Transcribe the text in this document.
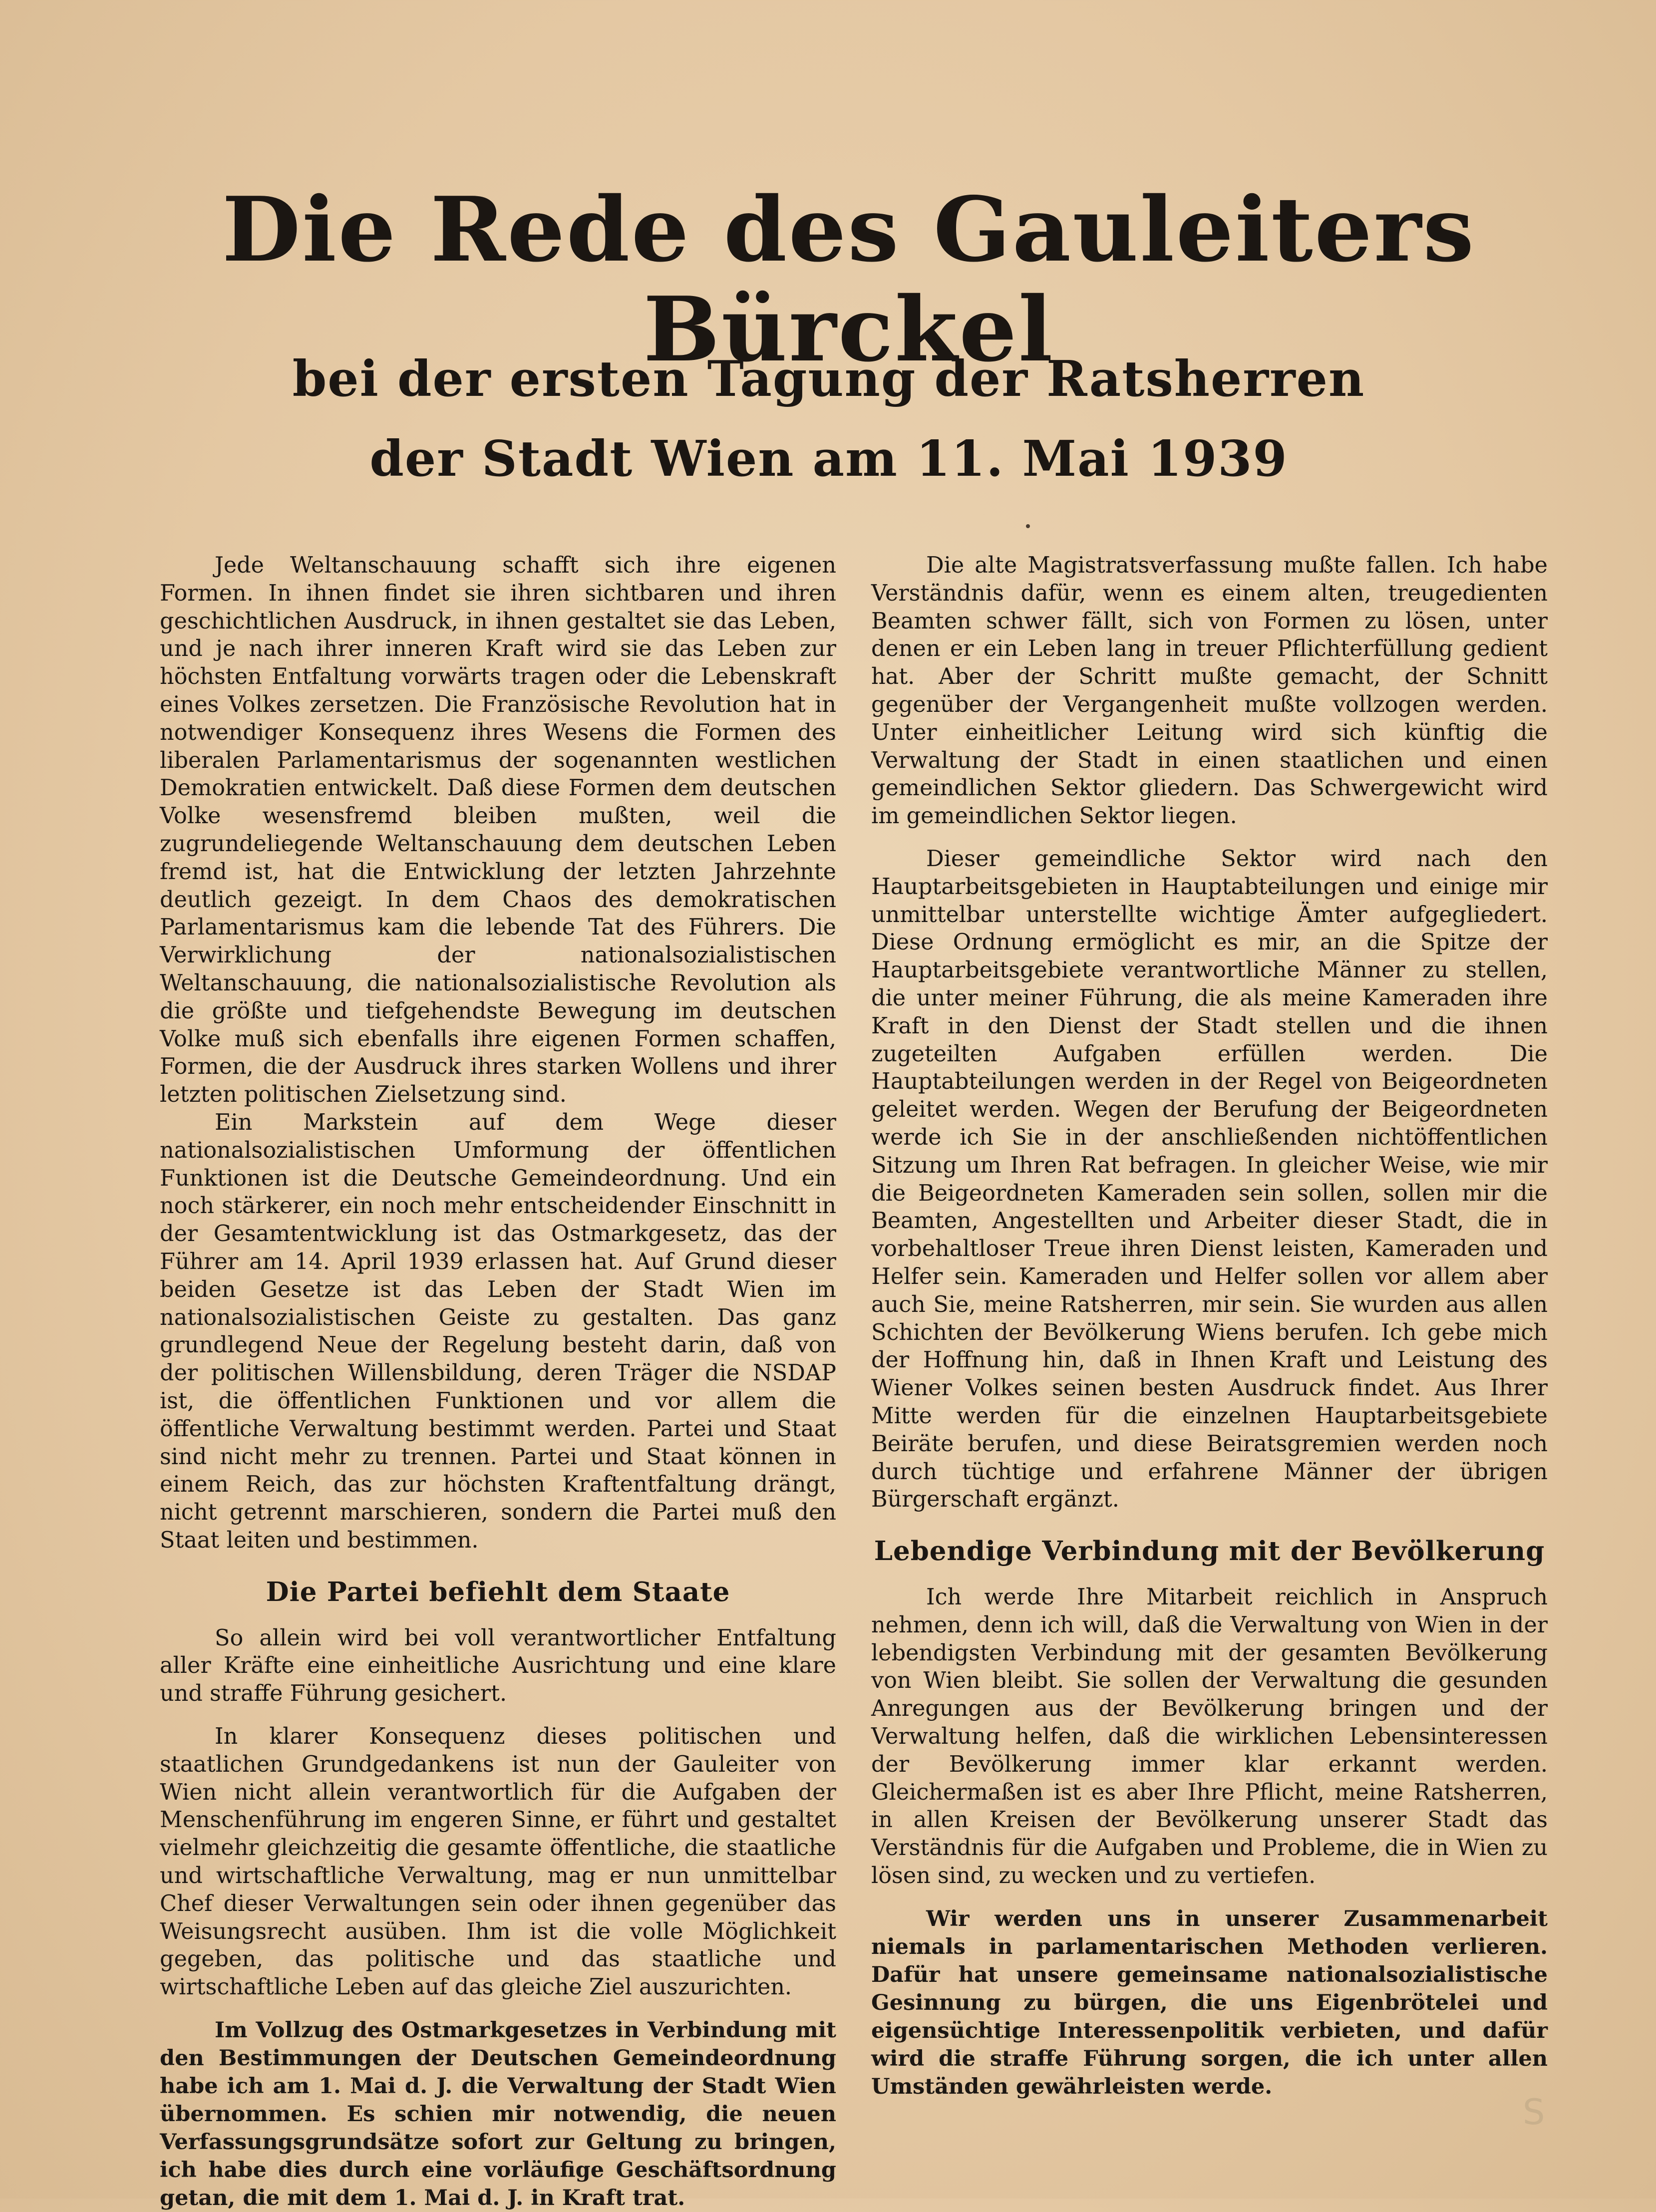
Die Rede des Gauleiters Bürckel
bei der ersten Tagung der Ratsherren
der Stadt Wien am 11. Mai 1939

Jede Weltanschauung schafft sich ihre eigenen Formen. In ihnen findet sie ihren sichtbaren und ihren geschichtlichen Ausdruck, in ihnen gestaltet sie das Leben, und je nach ihrer inneren Kraft wird sie das Leben zur höchsten Entfaltung vorwärts tragen oder die Lebenskraft eines Volkes zersetzen. Die Französische Revolution hat in notwendiger Konsequenz ihres Wesens die Formen des liberalen Parlamentarismus der sogenannten westlichen Demokratien entwickelt. Daß diese Formen dem deutschen Volke wesensfremd bleiben mußten, weil die zugrundeliegende Weltanschauung dem deutschen Leben fremd ist, hat die Entwicklung der letzten Jahrzehnte deutlich gezeigt. In dem Chaos des demokratischen Parlamentarismus kam die lebende Tat des Führers. Die Verwirklichung der nationalsozialistischen Weltanschauung, die nationalsozialistische Revolution als die größte und tiefgehendste Bewegung im deutschen Volke muß sich ebenfalls ihre eigenen Formen schaffen, Formen, die der Ausdruck ihres starken Wollens und ihrer letzten politischen Zielsetzung sind.

Ein Markstein auf dem Wege dieser nationalsozialistischen Umformung der öffentlichen Funktionen ist die Deutsche Gemeindeordnung. Und ein noch stärkerer, ein noch mehr entscheidender Einschnitt in der Gesamtentwicklung ist das Ostmarkgesetz, das der Führer am 14. April 1939 erlassen hat. Auf Grund dieser beiden Gesetze ist das Leben der Stadt Wien im nationalsozialistischen Geiste zu gestalten. Das ganz grundlegend Neue der Regelung besteht darin, daß von der politischen Willensbildung, deren Träger die NSDAP ist, die öffentlichen Funktionen und vor allem die öffentliche Verwaltung bestimmt werden. Partei und Staat sind nicht mehr zu trennen. Partei und Staat können in einem Reich, das zur höchsten Kraftentfaltung drängt, nicht getrennt marschieren, sondern die Partei muß den Staat leiten und bestimmen.

Die Partei befiehlt dem Staate

So allein wird bei voll verantwortlicher Entfaltung aller Kräfte eine einheitliche Ausrichtung und eine klare und straffe Führung gesichert.

In klarer Konsequenz dieses politischen und staatlichen Grundgedankens ist nun der Gauleiter von Wien nicht allein verantwortlich für die Aufgaben der Menschenführung im engeren Sinne, er führt und gestaltet vielmehr gleichzeitig die gesamte öffentliche, die staatliche und wirtschaftliche Verwaltung, mag er nun unmittelbar Chef dieser Verwaltungen sein oder ihnen gegenüber das Weisungsrecht ausüben. Ihm ist die volle Möglichkeit gegeben, das politische und das staatliche und wirtschaftliche Leben auf das gleiche Ziel auszurichten.

Im Vollzug des Ostmarkgesetzes in Verbindung mit den Bestimmungen der Deutschen Gemeindeordnung habe ich am 1. Mai d. J. die Verwaltung der Stadt Wien übernommen. Es schien mir notwendig, die neuen Verfassungsgrundsätze sofort zur Geltung zu bringen, ich habe dies durch eine vorläufige Geschäftsordnung getan, die mit dem 1. Mai d. J. in Kraft trat.

Die alte Magistratsverfassung mußte fallen. Ich habe Verständnis dafür, wenn es einem alten, treugedienten Beamten schwer fällt, sich von Formen zu lösen, unter denen er ein Leben lang in treuer Pflichterfüllung gedient hat. Aber der Schritt mußte gemacht, der Schnitt gegenüber der Vergangenheit mußte vollzogen werden. Unter einheitlicher Leitung wird sich künftig die Verwaltung der Stadt in einen staatlichen und einen gemeindlichen Sektor gliedern. Das Schwergewicht wird im gemeindlichen Sektor liegen.

Dieser gemeindliche Sektor wird nach den Hauptarbeitsgebieten in Hauptabteilungen und einige mir unmittelbar unterstellte wichtige Ämter aufgegliedert. Diese Ordnung ermöglicht es mir, an die Spitze der Hauptarbeitsgebiete verantwortliche Männer zu stellen, die unter meiner Führung, die als meine Kameraden ihre Kraft in den Dienst der Stadt stellen und die ihnen zugeteilten Aufgaben erfüllen werden. Die Hauptabteilungen werden in der Regel von Beigeordneten geleitet werden. Wegen der Berufung der Beigeordneten werde ich Sie in der anschließenden nichtöffentlichen Sitzung um Ihren Rat befragen. In gleicher Weise, wie mir die Beigeordneten Kameraden sein sollen, sollen mir die Beamten, Angestellten und Arbeiter dieser Stadt, die in vorbehaltloser Treue ihren Dienst leisten, Kameraden und Helfer sein. Kameraden und Helfer sollen vor allem aber auch Sie, meine Ratsherren, mir sein. Sie wurden aus allen Schichten der Bevölkerung Wiens berufen. Ich gebe mich der Hoffnung hin, daß in Ihnen Kraft und Leistung des Wiener Volkes seinen besten Ausdruck findet. Aus Ihrer Mitte werden für die einzelnen Hauptarbeitsgebiete Beiräte berufen, und diese Beiratsgremien werden noch durch tüchtige und erfahrene Männer der übrigen Bürgerschaft ergänzt.

Lebendige Verbindung mit der Bevölkerung

Ich werde Ihre Mitarbeit reichlich in Anspruch nehmen, denn ich will, daß die Verwaltung von Wien in der lebendigsten Verbindung mit der gesamten Bevölkerung von Wien bleibt. Sie sollen der Verwaltung die gesunden Anregungen aus der Bevölkerung bringen und der Verwaltung helfen, daß die wirklichen Lebensinteressen der Bevölkerung immer klar erkannt werden. Gleichermaßen ist es aber Ihre Pflicht, meine Ratsherren, in allen Kreisen der Bevölkerung unserer Stadt das Verständnis für die Aufgaben und Probleme, die in Wien zu lösen sind, zu wecken und zu vertiefen.

Wir werden uns in unserer Zusammenarbeit niemals in parlamentarischen Methoden verlieren. Dafür hat unsere gemeinsame nationalsozialistische Gesinnung zu bürgen, die uns Eigenbrötelei und eigensüchtige Interessenpolitik verbieten, und dafür wird die straffe Führung sorgen, die ich unter allen Umständen gewährleisten werde.

S
